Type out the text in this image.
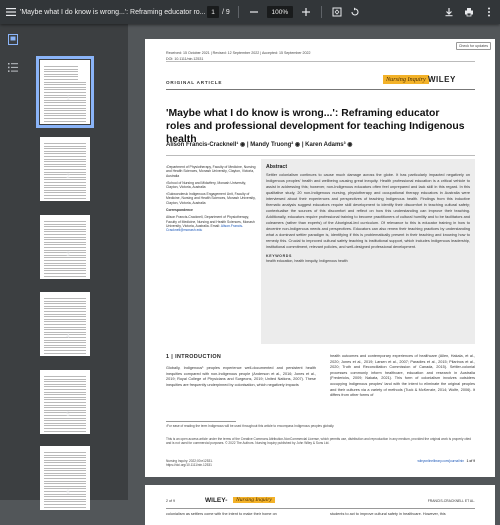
'Maybe what I do know is wrong...': Reframing educator ro... 1	/ 9	100%
1
2
3
4
5
6
Check for updates
Received: 15 October 2021 | Revised: 12 September 2022 | Accepted: 15 September 2022
DOI: 10.1111/nin.12531
ORIGINAL ARTICLE	Nursing Inquiry WILEY
'Maybe what I do know is wrong...': Reframing educator roles and professional development for teaching Indigenous health
Alison Francis-Cracknell¹ ◉ | Mandy Truong² ◉ | Karen Adams³ ◉

¹Department of Physiotherapy, Faculty of Medicine, Nursing and Health Sciences, Monash University, Clayton, Victoria, Australia

²School of Nursing and Midwifery, Monash University, Clayton, Victoria, Australia

³Gukwonderuk Indigenous Engagement Unit, Faculty of Medicine, Nursing and Health Sciences, Monash University, Clayton, Victoria, Australia

Correspondence

Alison Francis-Cracknell, Department of Physiotherapy, Faculty of Medicine, Nursing and Health Sciences, Monash University, Victoria, Australia. Email: Alison.Francis-Cracknell@monash.edu

Abstract
Settler colonialism continues to cause much damage across the globe. It has particularly impacted negatively on Indigenous peoples' health and wellbeing causing great inequity. Health professional education is a critical vehicle to assist in addressing this; however, non-Indigenous educators often feel unprepared and lack skill in this regard. In this qualitative study, 20 non-Indigenous nursing, physiotherapy and occupational therapy educators in Australia were interviewed about their experiences and perspectives of teaching Indigenous health. Findings from this inductive thematic analysis suggest educators require skill development to identify their discomfort in teaching cultural safety; contextualise the sources of this discomfort and reflect on how this understanding can improve their teaching. Additionally, educators require professional training to become practitioners of cultural humility and to be facilitators and coleamers (rather than experts) of the Aboriginal-led curriculum. Of relevance to this is educator training in how to decentre non-Indigenous needs and perspectives. Educators can also renew their teaching practices by understanding what a dominant settler paradigm is, identifying if this is problematically present in their teaching and knowing how to remedy this. Crucial to improved cultural safety teaching is institutional support, which includes Indigenous leadership, institutional commitment, relevant policies, and well-designed professional development.
KEYWORDS
health education, health inequity, Indigenous health
1 | INTRODUCTION
Globally, Indigenous¹ peoples experience well-documented and persistent health inequities compared with non-Indigenous people (Anderson et al., 2016; Jones et al., 2019; Royal College of Physicians and Surgeons, 2019; United Nations, 2007). These inequities are frequently underpinned by colonisation, which negatively impacts
health outcomes and contemporary experiences of healthcare (Allen, Hakala, et al., 2020; Jones et al., 2019; Larsen et al., 2007; Paradies et al., 2015; Pilarinos et al., 2020; Truth and Reconciliation Commission of Canada, 2015). Settler-colonial processes commonly inform healthcare, education and research in Australia (Fredericks, 2009; Nakata, 2021). This form of colonialism involves outsiders occupying Indigenous peoples' land with the intent to eliminate the original peoples and their cultures via a variety of methods (Tuck & McKenzie, 2014; Wolfe, 2006). It differs from other forms of
¹For ease of reading the term Indigenous will be used throughout this article to encompass Indigenous peoples globally.
This is an open access article under the terms of the Creative Commons Attribution-NonCommercial License, which permits use, distribution and reproduction in any medium, provided the original work is properly cited and is not used for commercial purposes. © 2022 The Authors. Nursing Inquiry published by John Wiley & Sons Ltd.
Nursing Inquiry. 2022;00:e12531.
https://doi.org/10.1111/nin.12531
wileyonlinelibrary.com/journal/nin 1 of 9
2 of 9	WILEY-	Nursing Inquiry	FRANCIS-CRACKNELL ET AL.
colonialism as settlers come with the intent to make their home on	students to act to improve cultural safety in healthcare. However, this
